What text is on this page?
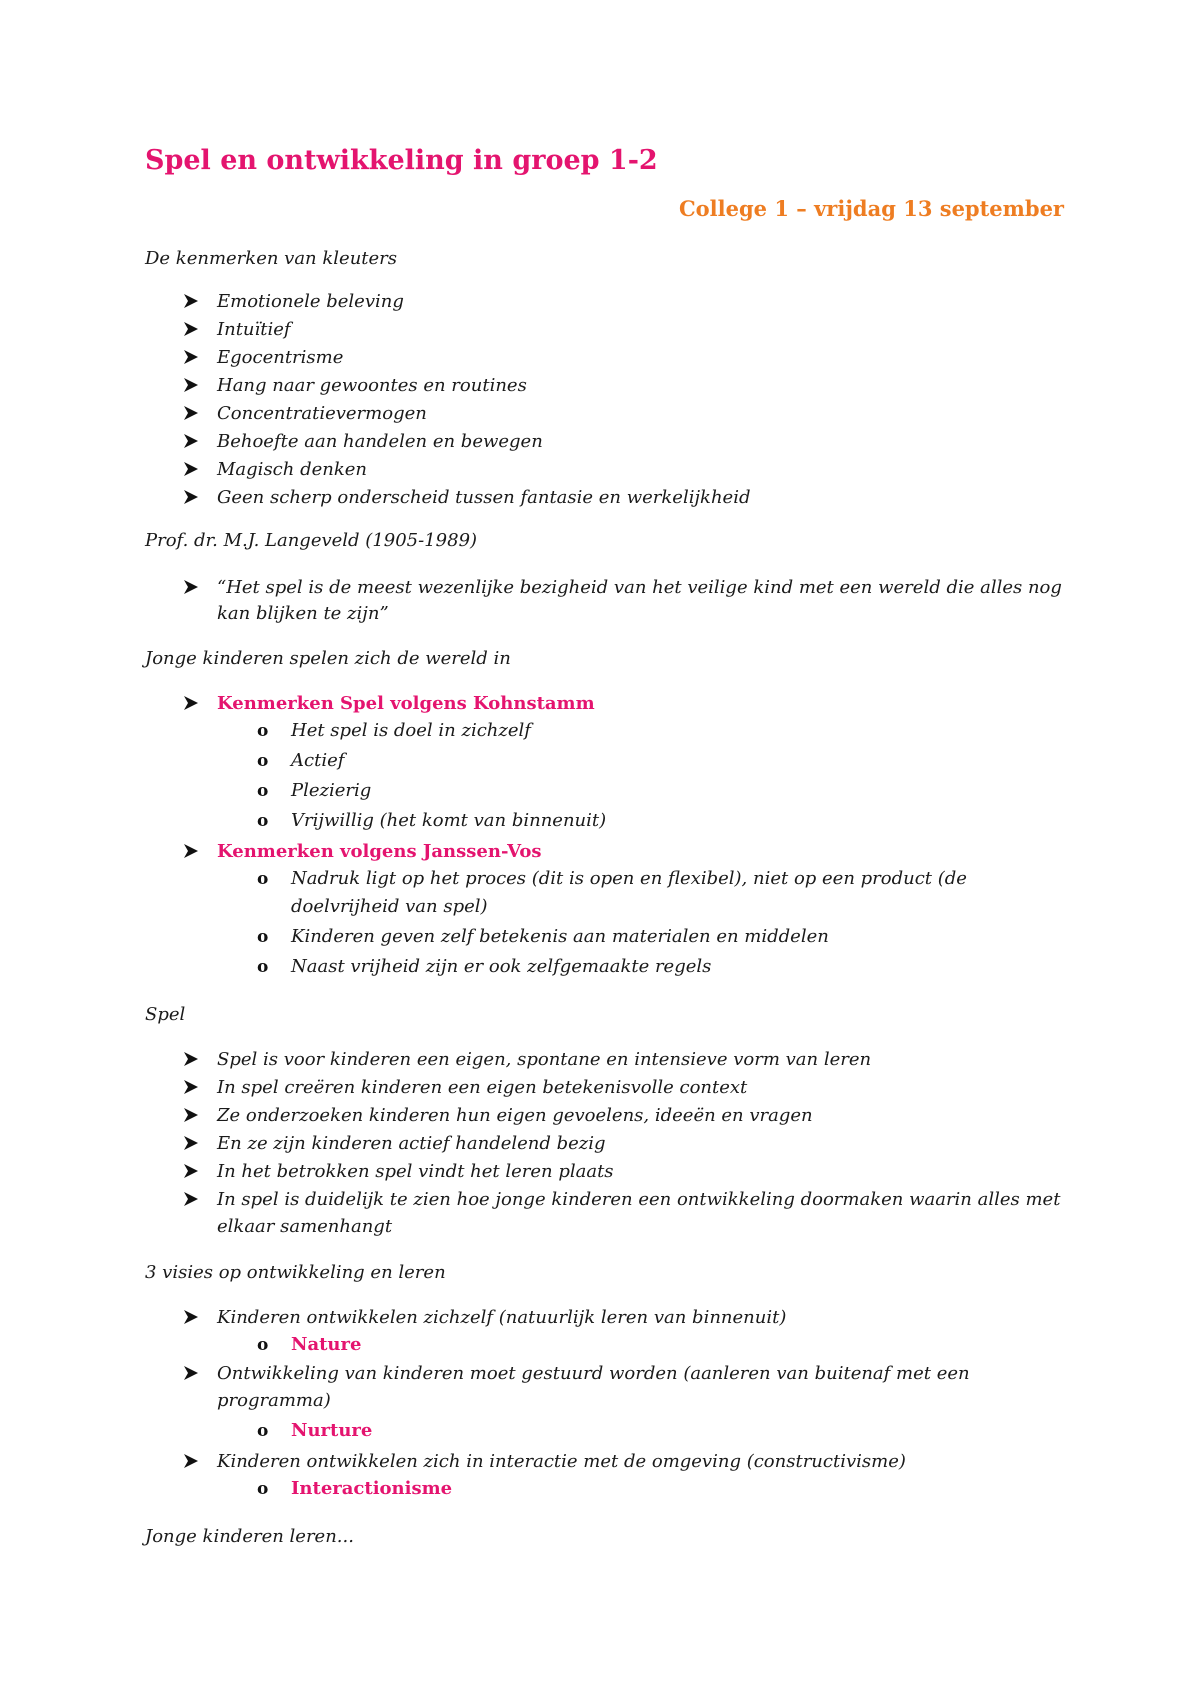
Spel en ontwikkeling in groep 1-2
College 1 – vrijdag 13 september
De kenmerken van kleuters
Emotionele beleving
Intuïtief
Egocentrisme
Hang naar gewoontes en routines
Concentratievermogen
Behoefte aan handelen en bewegen
Magisch denken
Geen scherp onderscheid tussen fantasie en werkelijkheid
Prof. dr. M.J. Langeveld (1905-1989)
“Het spel is de meest wezenlijke bezigheid van het veilige kind met een wereld die alles nog
kan blijken te zijn”
Jonge kinderen spelen zich de wereld in
Kenmerken Spel volgens Kohnstamm
o Het spel is doel in zichzelf
o Actief
o Plezierig
o Vrijwillig (het komt van binnenuit)
Kenmerken volgens Janssen-Vos
o Nadruk ligt op het proces (dit is open en flexibel), niet op een product (de
doelvrijheid van spel)
o Kinderen geven zelf betekenis aan materialen en middelen
o Naast vrijheid zijn er ook zelfgemaakte regels
Spel
Spel is voor kinderen een eigen, spontane en intensieve vorm van leren
In spel creëren kinderen een eigen betekenisvolle context
Ze onderzoeken kinderen hun eigen gevoelens, ideeën en vragen
En ze zijn kinderen actief handelend bezig
In het betrokken spel vindt het leren plaats
In spel is duidelijk te zien hoe jonge kinderen een ontwikkeling doormaken waarin alles met
elkaar samenhangt
3 visies op ontwikkeling en leren
Kinderen ontwikkelen zichzelf (natuurlijk leren van binnenuit)
o Nature
Ontwikkeling van kinderen moet gestuurd worden (aanleren van buitenaf met een
programma)
o Nurture
Kinderen ontwikkelen zich in interactie met de omgeving (constructivisme)
o Interactionisme
Jonge kinderen leren...
